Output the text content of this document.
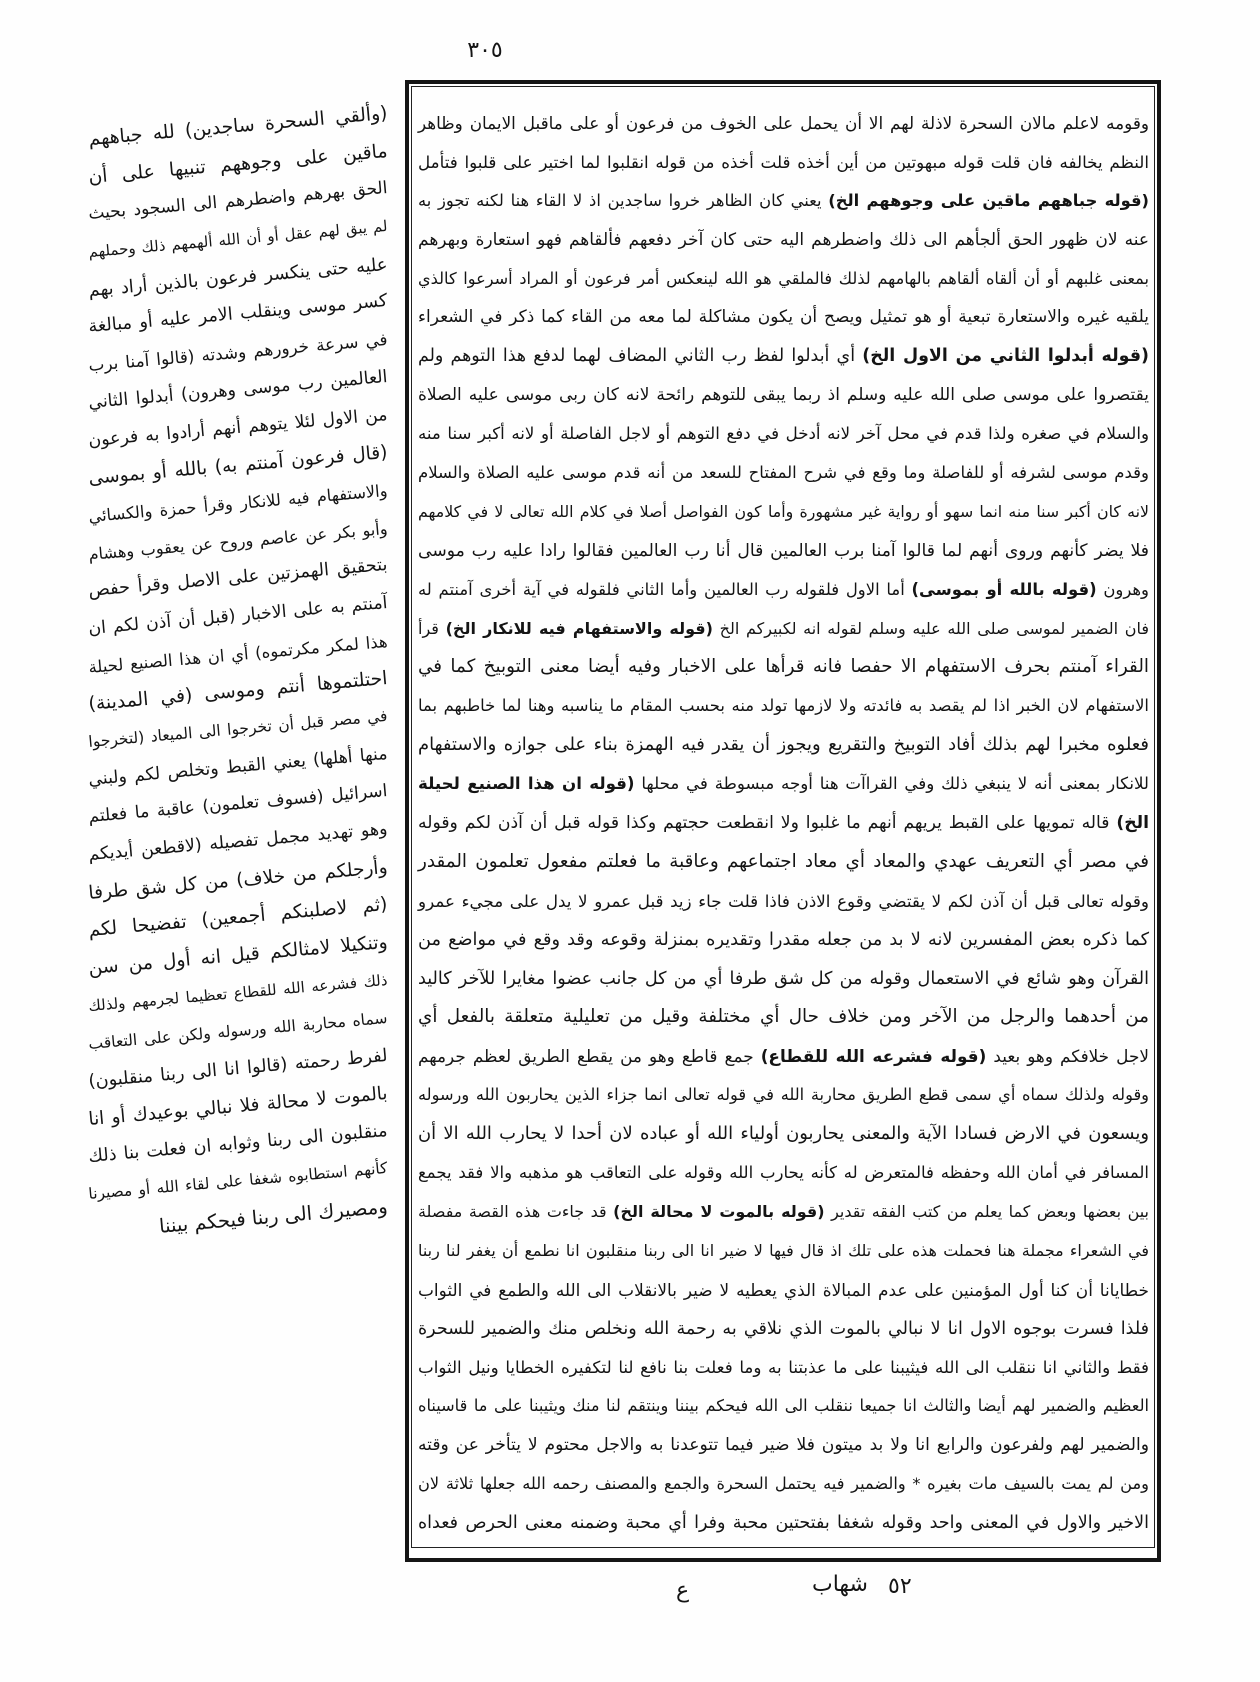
٣٠٥
وقومه لاعلم مالان السحرة لاذلة لهم الا أن يحمل على الخوف من فرعون أو على ماقبل الايمان وظاهر
النظم يخالفه فان قلت قوله مبهوتين من أين أخذه قلت أخذه من قوله انقلبوا لما اختير على قلبوا فتأمل
(قوله جباههم ماقين على وجوههم الخ) يعني كان الظاهر خروا ساجدين اذ لا القاء هنا لكنه تجوز به
عنه لان ظهور الحق ألجأهم الى ذلك واضطرهم اليه حتى كان آخر دفعهم فألقاهم فهو استعارة وبهرهم
بمعنى غلبهم أو أن ألقاه ألقاهم بالهامهم لذلك فالملقي هو الله لينعكس أمر فرعون أو المراد أسرعوا كالذي
يلقيه غيره والاستعارة تبعية أو هو تمثيل ويصح أن يكون مشاكلة لما معه من القاء كما ذكر في الشعراء
(قوله أبدلوا الثاني من الاول الخ) أي أبدلوا لفظ رب الثاني المضاف لهما لدفع هذا التوهم ولم
يقتصروا على موسى صلى الله عليه وسلم اذ ربما يبقى للتوهم رائحة لانه كان ربى موسى عليه الصلاة
والسلام في صغره ولذا قدم في محل آخر لانه أدخل في دفع التوهم أو لاجل الفاصلة أو لانه أكبر سنا منه
وقدم موسى لشرفه أو للفاصلة وما وقع في شرح المفتاح للسعد من أنه قدم موسى عليه الصلاة والسلام
لانه كان أكبر سنا منه انما سهو أو رواية غير مشهورة وأما كون الفواصل أصلا في كلام الله تعالى لا في كلامهم
فلا يضر كأنهم وروى أنهم لما قالوا آمنا برب العالمين قال أنا رب العالمين فقالوا رادا عليه رب موسى
وهرون (قوله بالله أو بموسى) أما الاول فلقوله رب العالمين وأما الثاني فلقوله في آية أخرى آمنتم له
فان الضمير لموسى صلى الله عليه وسلم لقوله انه لكبيركم الخ (قوله والاستفهام فيه للانكار الخ) قرأ
القراء آمنتم بحرف الاستفهام الا حفصا فانه قرأها على الاخبار وفيه أيضا معنى التوبيخ كما في
الاستفهام لان الخبر اذا لم يقصد به فائدته ولا لازمها تولد منه بحسب المقام ما يناسبه وهنا لما خاطبهم بما
فعلوه مخبرا لهم بذلك أفاد التوبيخ والتقريع ويجوز أن يقدر فيه الهمزة بناء على جوازه والاستفهام
للانكار بمعنى أنه لا ينبغي ذلك وفي القراآت هنا أوجه مبسوطة في محلها (قوله ان هذا الصنيع لحيلة
الخ) قاله تمويها على القبط يريهم أنهم ما غلبوا ولا انقطعت حجتهم وكذا قوله قبل أن آذن لكم وقوله
في مصر أي التعريف عهدي والمعاد أي معاد اجتماعهم وعاقبة ما فعلتم مفعول تعلمون المقدر
وقوله تعالى قبل أن آذن لكم لا يقتضي وقوع الاذن فاذا قلت جاء زيد قبل عمرو لا يدل على مجيء عمرو
كما ذكره بعض المفسرين لانه لا بد من جعله مقدرا وتقديره بمنزلة وقوعه وقد وقع في مواضع من
القرآن وهو شائع في الاستعمال وقوله من كل شق طرفا أي من كل جانب عضوا مغايرا للآخر كاليد
من أحدهما والرجل من الآخر ومن خلاف حال أي مختلفة وقيل من تعليلية متعلقة بالفعل أي
لاجل خلافكم وهو بعيد (قوله فشرعه الله للقطاع) جمع قاطع وهو من يقطع الطريق لعظم جرمهم
وقوله ولذلك سماه أي سمى قطع الطريق محاربة الله في قوله تعالى انما جزاء الذين يحاربون الله ورسوله
ويسعون في الارض فسادا الآية والمعنى يحاربون أولياء الله أو عباده لان أحدا لا يحارب الله الا أن
المسافر في أمان الله وحفظه فالمتعرض له كأنه يحارب الله وقوله على التعاقب هو مذهبه والا فقد يجمع
بين بعضها وبعض كما يعلم من كتب الفقه تقدير (قوله بالموت لا محالة الخ) قد جاءت هذه القصة مفصلة
في الشعراء مجملة هنا فحملت هذه على تلك اذ قال فيها لا ضير انا الى ربنا منقلبون انا نطمع أن يغفر لنا ربنا
خطايانا أن كنا أول المؤمنين على عدم المبالاة الذي يعطيه لا ضير بالانقلاب الى الله والطمع في الثواب
فلذا فسرت بوجوه الاول انا لا نبالي بالموت الذي نلاقي به رحمة الله ونخلص منك والضمير للسحرة
فقط والثاني انا ننقلب الى الله فيثيبنا على ما عذبتنا به وما فعلت بنا نافع لنا لتكفيره الخطايا ونيل الثواب
العظيم والضمير لهم أيضا والثالث انا جميعا ننقلب الى الله فيحكم بيننا وينتقم لنا منك ويثيبنا على ما قاسيناه
والضمير لهم ولفرعون والرابع انا ولا بد ميتون فلا ضير فيما تتوعدنا به والاجل محتوم لا يتأخر عن وقته
ومن لم يمت بالسيف مات بغيره * والضمير فيه يحتمل السحرة والجمع والمصنف رحمه الله جعلها ثلاثة لان
الاخير والاول في المعنى واحد وقوله شغفا بفتحتين محبة وفرا أي محبة وضمنه معنى الحرص فعداه
(وألقي السحرة ساجدين) لله جباههم
ماقين على وجوههم تنبيها على أن
الحق بهرهم واضطرهم الى السجود بحيث
لم يبق لهم عقل أو أن الله ألهمهم ذلك وحملهم
عليه حتى ينكسر فرعون بالذين أراد بهم
كسر موسى وينقلب الامر عليه أو مبالغة
في سرعة خرورهم وشدته (قالوا آمنا برب
العالمين رب موسى وهرون) أبدلوا الثاني
من الاول لئلا يتوهم أنهم أرادوا به فرعون
(قال فرعون آمنتم به) بالله أو بموسى
والاستفهام فيه للانكار وقرأ حمزة والكسائي
وأبو بكر عن عاصم وروح عن يعقوب وهشام
بتحقيق الهمزتين على الاصل وقرأ حفص
آمنتم به على الاخبار (قبل أن آذن لكم ان
هذا لمكر مكرتموه) أي ان هذا الصنيع لحيلة
احتلتموها أنتم وموسى (في المدينة)
في مصر قبل أن تخرجوا الى الميعاد (لتخرجوا
منها أهلها) يعني القبط وتخلص لكم ولبني
اسرائيل (فسوف تعلمون) عاقبة ما فعلتم
وهو تهديد مجمل تفصيله (لاقطعن أيديكم
وأرجلكم من خلاف) من كل شق طرفا
(ثم لاصلبنكم أجمعين) تفضيحا لكم
وتنكيلا لامثالكم قيل انه أول من سن
ذلك فشرعه الله للقطاع تعظيما لجرمهم ولذلك
سماه محاربة الله ورسوله ولكن على التعاقب
لفرط رحمته (قالوا انا الى ربنا منقلبون)
بالموت لا محالة فلا نبالي بوعيدك أو انا
منقلبون الى ربنا وثوابه ان فعلت بنا ذلك
كأنهم استطابوه شغفا على لقاء الله أو مصيرنا
ومصيرك الى ربنا فيحكم بيننا
ع	شهاب ٥٢
